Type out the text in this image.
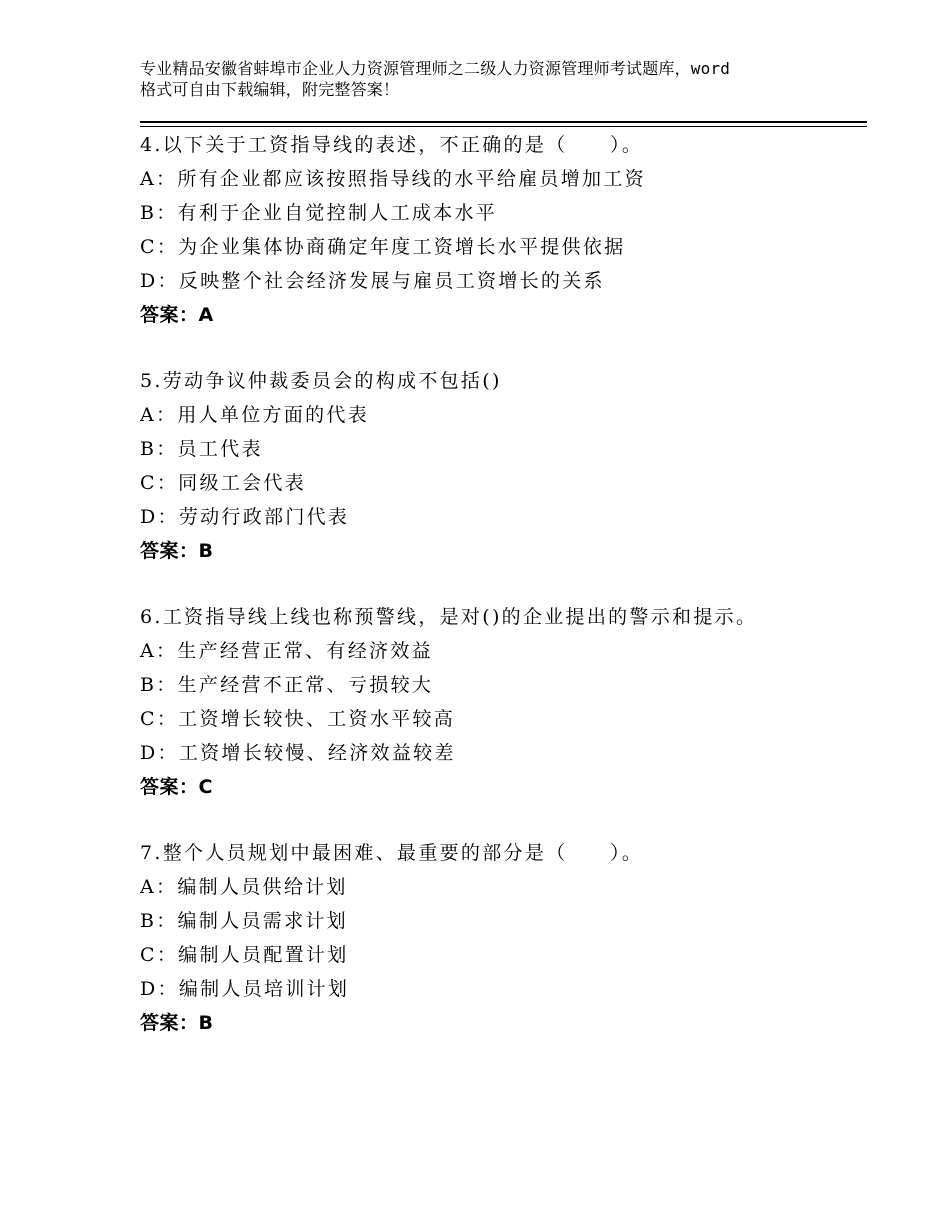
专业精品安徽省蚌埠市企业人力资源管理师之二级人力资源管理师考试题库，word
格式可自由下载编辑，附完整答案！
4.以下关于工资指导线的表述，不正确的是（　　）。
A：所有企业都应该按照指导线的水平给雇员增加工资
B：有利于企业自觉控制人工成本水平
C：为企业集体协商确定年度工资增长水平提供依据
D：反映整个社会经济发展与雇员工资增长的关系
答案：A
5.劳动争议仲裁委员会的构成不包括()
A：用人单位方面的代表
B：员工代表
C：同级工会代表
D：劳动行政部门代表
答案：B
6.工资指导线上线也称预警线，是对()的企业提出的警示和提示。
A：生产经营正常、有经济效益
B：生产经营不正常、亏损较大
C：工资增长较快、工资水平较高
D：工资增长较慢、经济效益较差
答案：C
7.整个人员规划中最困难、最重要的部分是（　　）。
A：编制人员供给计划
B：编制人员需求计划
C：编制人员配置计划
D：编制人员培训计划
答案：B
